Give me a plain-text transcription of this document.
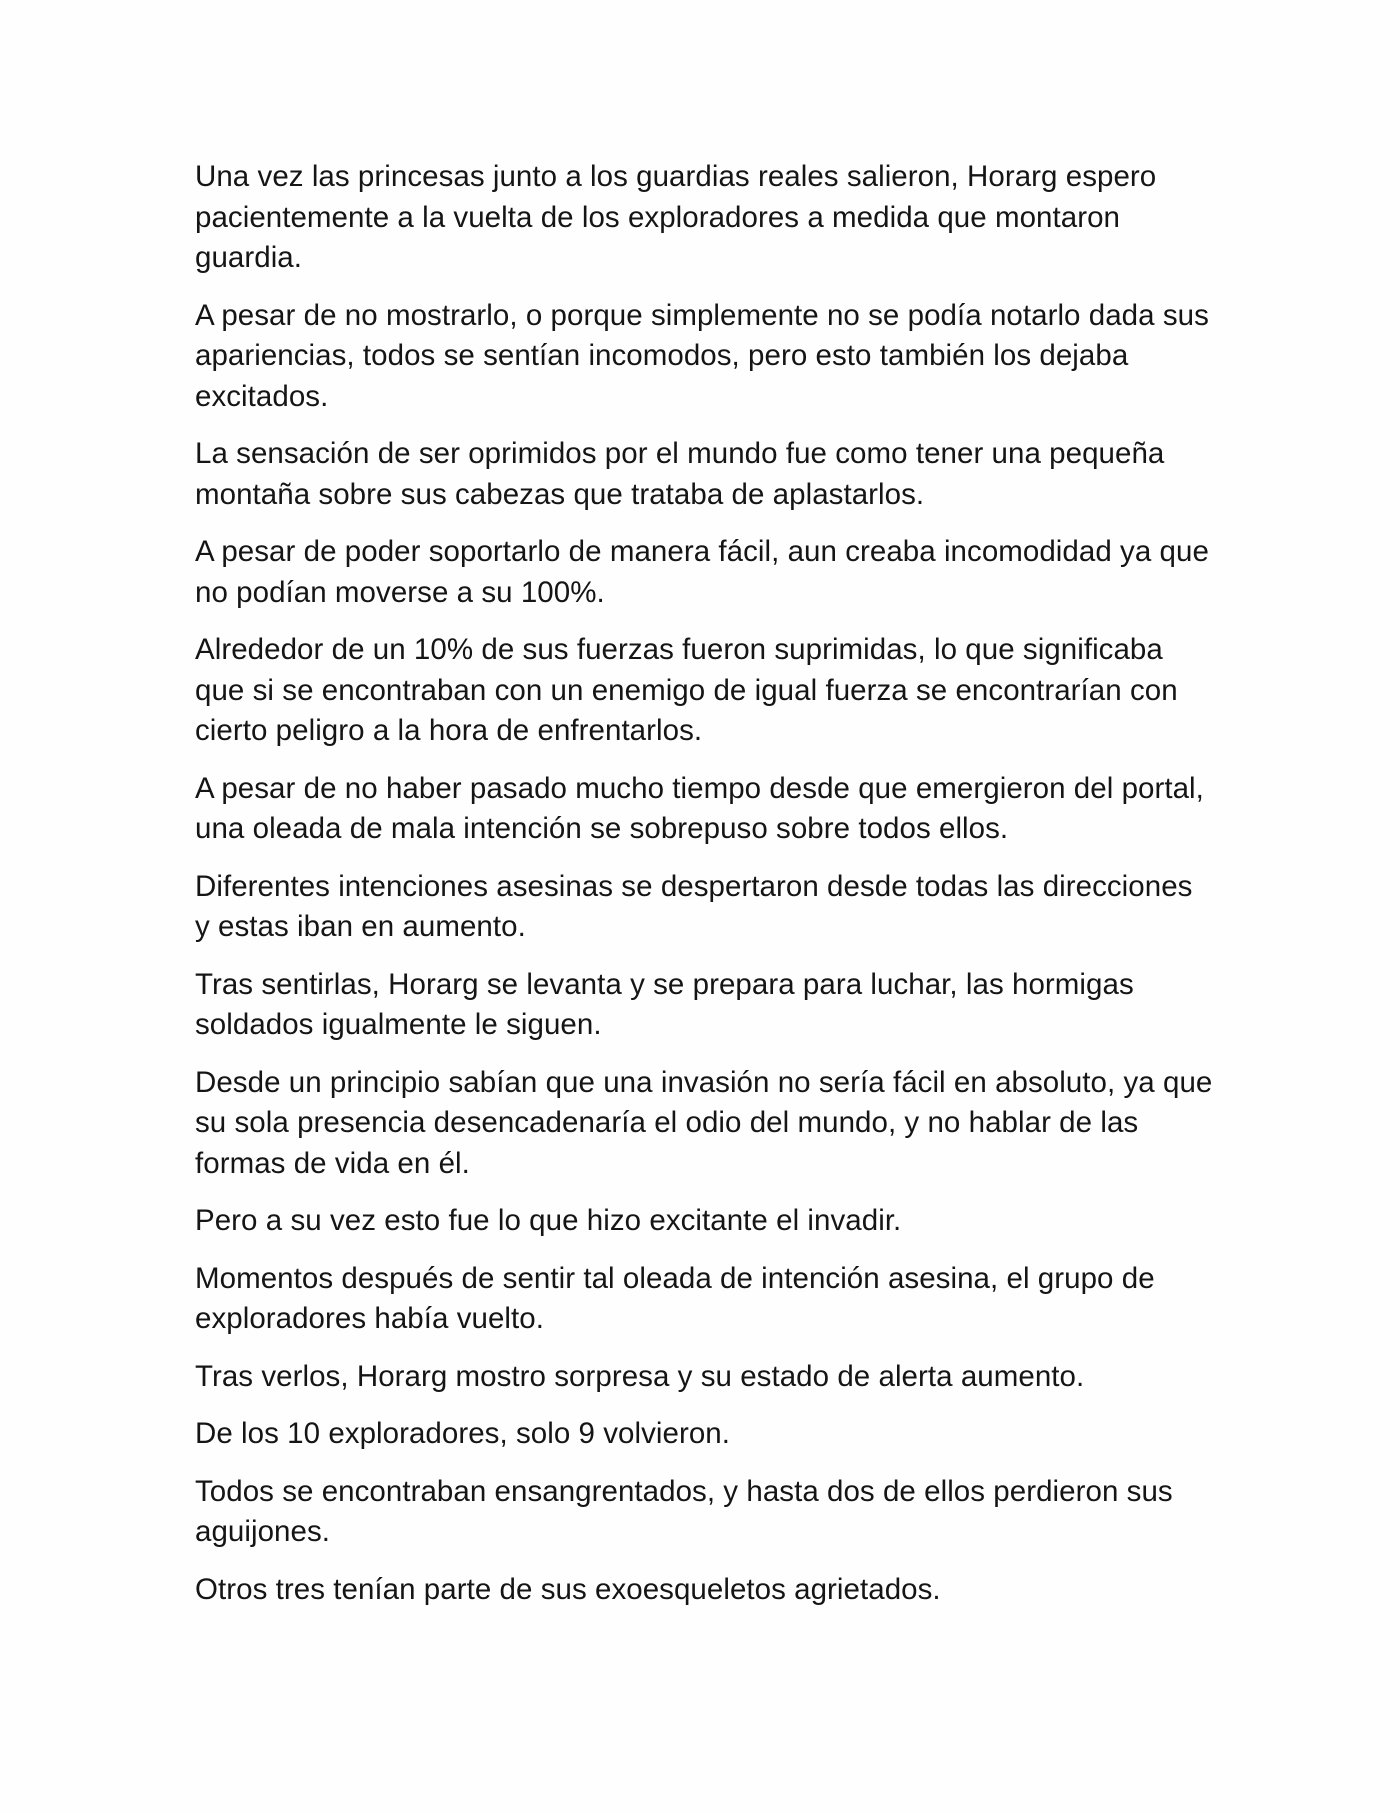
Una vez las princesas junto a los guardias reales salieron, Horarg espero pacientemente a la vuelta de los exploradores a medida que montaron guardia.

A pesar de no mostrarlo, o porque simplemente no se podía notarlo dada sus apariencias, todos se sentían incomodos, pero esto también los dejaba excitados.

La sensación de ser oprimidos por el mundo fue como tener una pequeña montaña sobre sus cabezas que trataba de aplastarlos.

A pesar de poder soportarlo de manera fácil, aun creaba incomodidad ya que no podían moverse a su 100%.

Alrededor de un 10% de sus fuerzas fueron suprimidas, lo que significaba que si se encontraban con un enemigo de igual fuerza se encontrarían con cierto peligro a la hora de enfrentarlos.

A pesar de no haber pasado mucho tiempo desde que emergieron del portal, una oleada de mala intención se sobrepuso sobre todos ellos.

Diferentes intenciones asesinas se despertaron desde todas las direcciones y estas iban en aumento.

Tras sentirlas, Horarg se levanta y se prepara para luchar, las hormigas soldados igualmente le siguen.

Desde un principio sabían que una invasión no sería fácil en absoluto, ya que su sola presencia desencadenaría el odio del mundo, y no hablar de las formas de vida en él.

Pero a su vez esto fue lo que hizo excitante el invadir.

Momentos después de sentir tal oleada de intención asesina, el grupo de exploradores había vuelto.

Tras verlos, Horarg mostro sorpresa y su estado de alerta aumento.

De los 10 exploradores, solo 9 volvieron.

Todos se encontraban ensangrentados, y hasta dos de ellos perdieron sus aguijones.

Otros tres tenían parte de sus exoesqueletos agrietados.
